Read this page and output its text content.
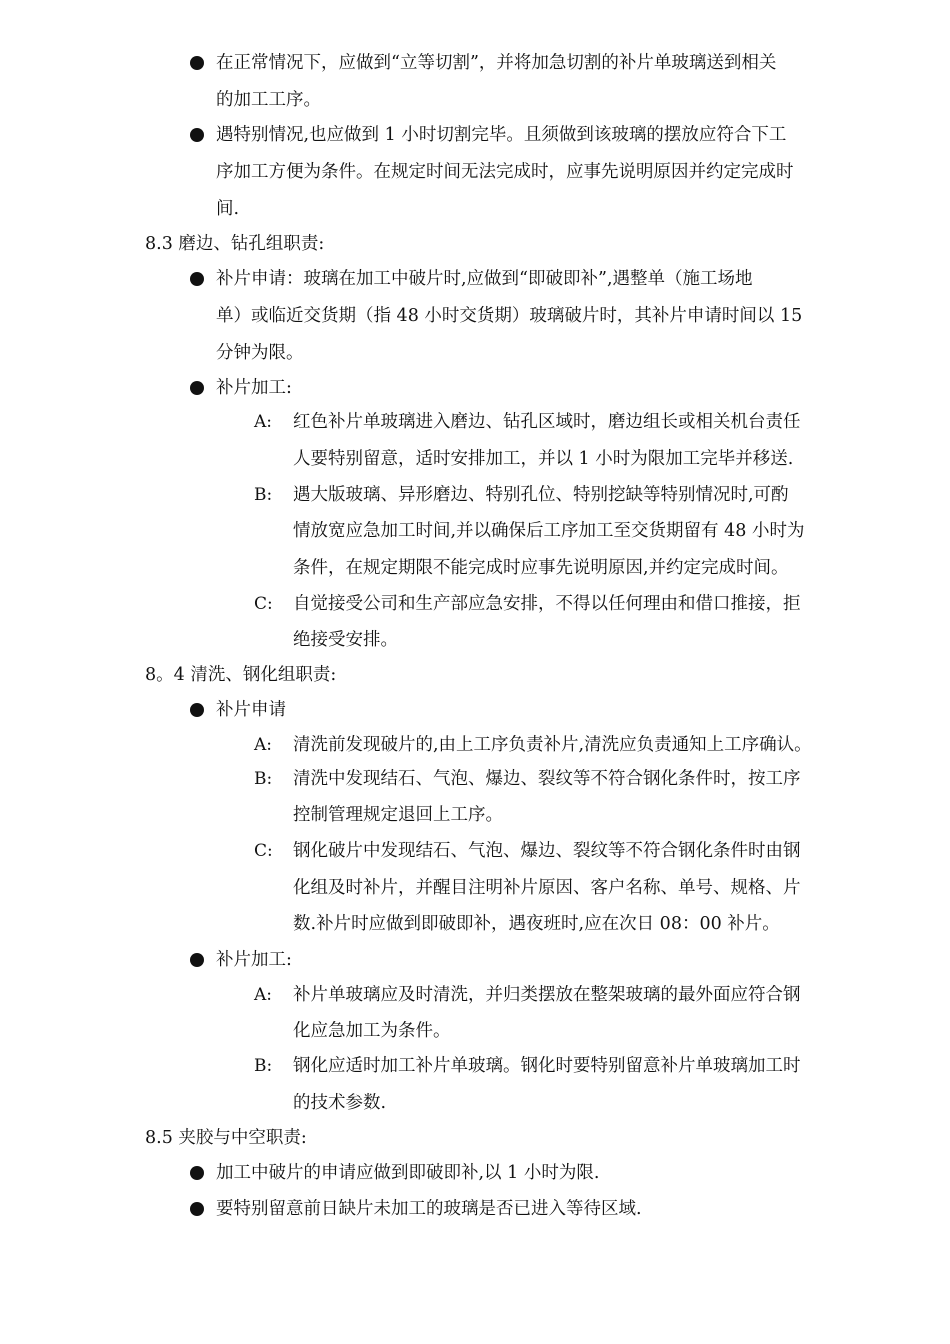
在正常情况下，应做到“立等切割”，并将加急切割的补片单玻璃送到相关
的加工工序。
遇特别情况,也应做到 1 小时切割完毕。且须做到该玻璃的摆放应符合下工
序加工方便为条件。在规定时间无法完成时，应事先说明原因并约定完成时
间.
8.3 磨边、钻孔组职责:
补片申请：玻璃在加工中破片时,应做到“即破即补”,遇整单（施工场地
单）或临近交货期（指 48 小时交货期）玻璃破片时，其补片申请时间以 15
分钟为限。
补片加工:
A: 红色补片单玻璃进入磨边、钻孔区域时，磨边组长或相关机台责任
人要特别留意，适时安排加工，并以 1 小时为限加工完毕并移送.
B: 遇大版玻璃、异形磨边、特别孔位、特别挖缺等特别情况时,可酌
情放宽应急加工时间,并以确保后工序加工至交货期留有 48 小时为
条件，在规定期限不能完成时应事先说明原因,并约定完成时间。
C: 自觉接受公司和生产部应急安排，不得以任何理由和借口推接，拒
绝接受安排。
8。4 清洗、钢化组职责:
补片申请
A: 清洗前发现破片的,由上工序负责补片,清洗应负责通知上工序确认。
B: 清洗中发现结石、气泡、爆边、裂纹等不符合钢化条件时，按工序
控制管理规定退回上工序。
C: 钢化破片中发现结石、气泡、爆边、裂纹等不符合钢化条件时由钢
化组及时补片，并醒目注明补片原因、客户名称、单号、规格、片
数.补片时应做到即破即补，遇夜班时,应在次日 08：00 补片。
补片加工:
A: 补片单玻璃应及时清洗，并归类摆放在整架玻璃的最外面应符合钢
化应急加工为条件。
B: 钢化应适时加工补片单玻璃。钢化时要特别留意补片单玻璃加工时
的技术参数.
8.5 夹胶与中空职责:
加工中破片的申请应做到即破即补,以 1 小时为限.
要特别留意前日缺片未加工的玻璃是否已进入等待区域.
